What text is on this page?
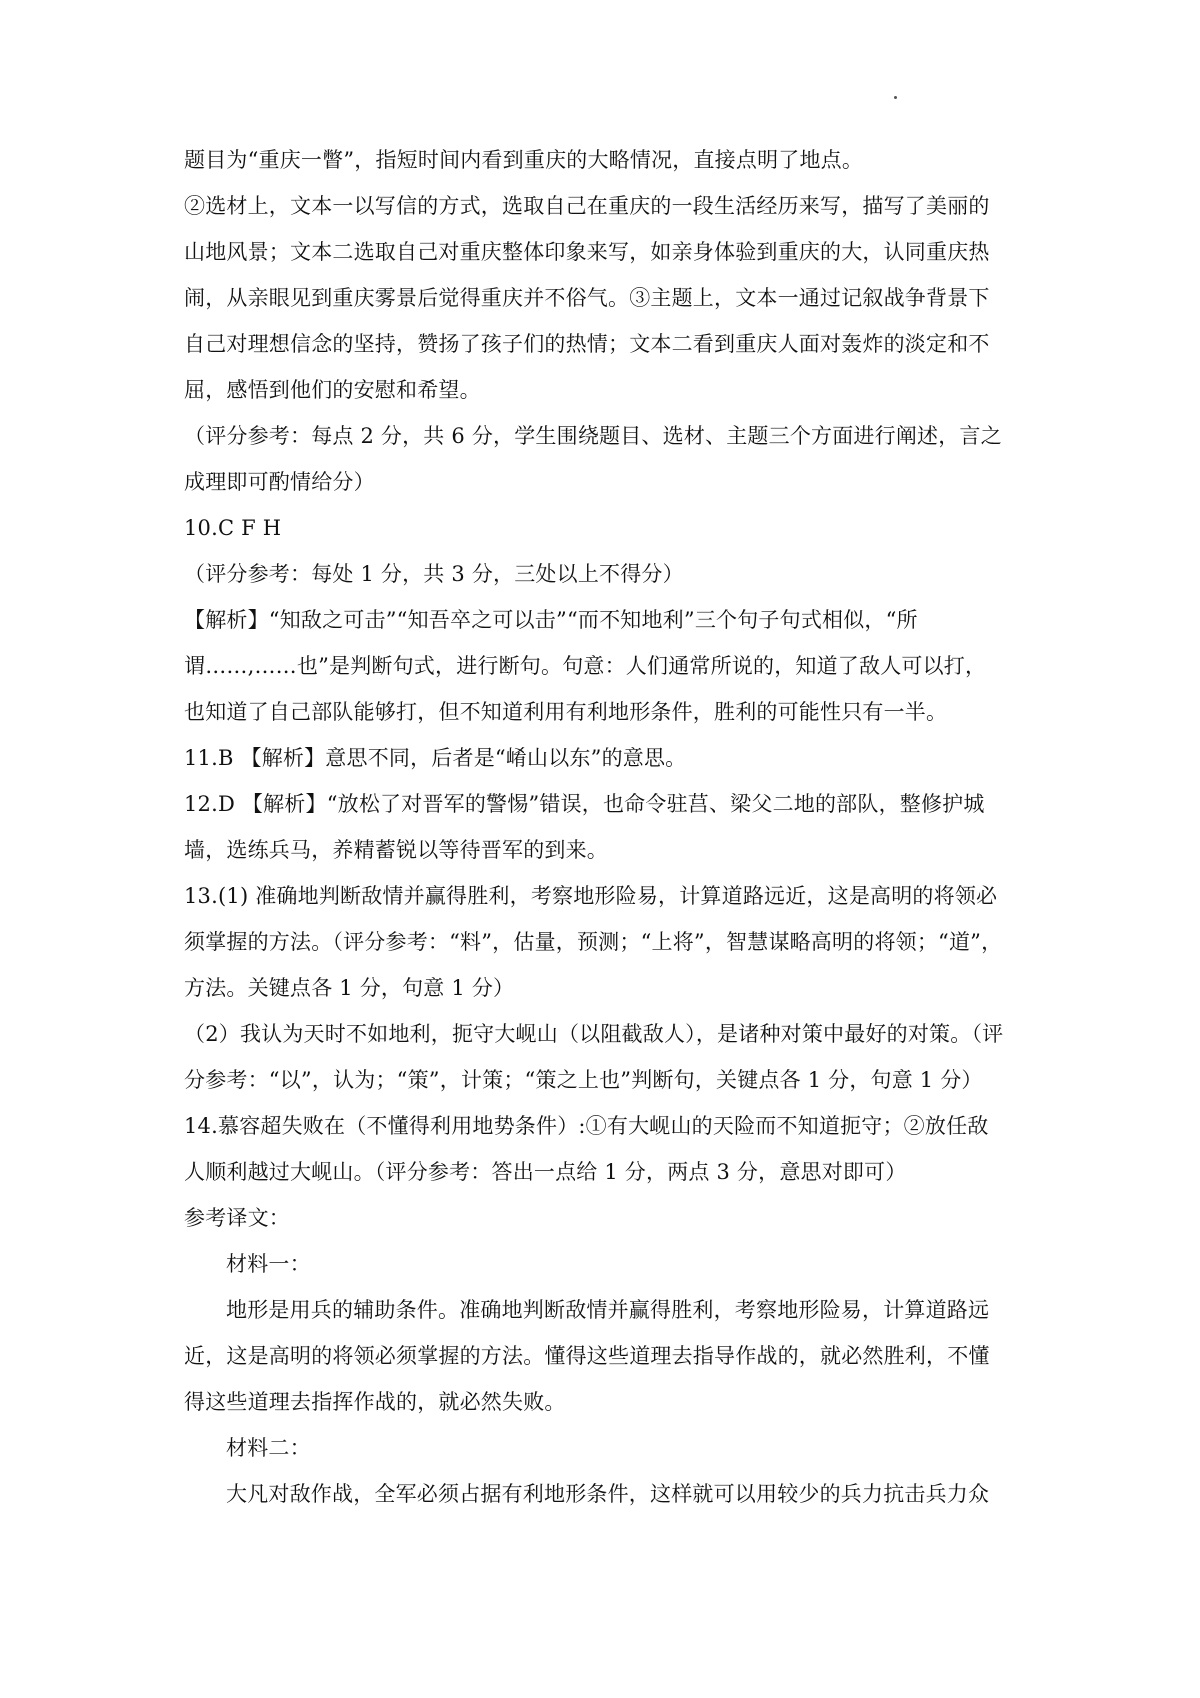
题目为“重庆一瞥”，指短时间内看到重庆的大略情况，直接点明了地点。
②选材上，文本一以写信的方式，选取自己在重庆的一段生活经历来写，描写了美丽的
山地风景；文本二选取自己对重庆整体印象来写，如亲身体验到重庆的大，认同重庆热
闹，从亲眼见到重庆雾景后觉得重庆并不俗气。③主题上，文本一通过记叙战争背景下
自己对理想信念的坚持，赞扬了孩子们的热情；文本二看到重庆人面对轰炸的淡定和不
屈，感悟到他们的安慰和希望。
（评分参考：每点 2 分，共 6 分，学生围绕题目、选材、主题三个方面进行阐述，言之
成理即可酌情给分）
10.C F H
（评分参考：每处 1 分，共 3 分，三处以上不得分）
【解析】“知敌之可击”“知吾卒之可以击”“而不知地利”三个句子句式相似，“所
谓……,……也”是判断句式，进行断句。句意：人们通常所说的，知道了敌人可以打，
也知道了自己部队能够打，但不知道利用有利地形条件，胜利的可能性只有一半。
11.B 【解析】意思不同，后者是“崤山以东”的意思。
12.D 【解析】“放松了对晋军的警惕”错误，也命令驻莒、梁父二地的部队，整修护城
墙，选练兵马，养精蓄锐以等待晋军的到来。
13.(1) 准确地判断敌情并赢得胜利，考察地形险易，计算道路远近，这是高明的将领必
须掌握的方法。（评分参考：“料”，估量，预测；“上将”，智慧谋略高明的将领；“道”，
方法。关键点各 1 分，句意 1 分）
（2）我认为天时不如地利，扼守大岘山（以阻截敌人），是诸种对策中最好的对策。（评
分参考：“以”，认为；“策”，计策；“策之上也”判断句，关键点各 1 分，句意 1 分）
14.慕容超失败在（不懂得利用地势条件）:①有大岘山的天险而不知道扼守；②放任敌
人顺利越过大岘山。（评分参考：答出一点给 1 分，两点 3 分，意思对即可）
参考译文：
材料一：
地形是用兵的辅助条件。准确地判断敌情并赢得胜利，考察地形险易，计算道路远
近，这是高明的将领必须掌握的方法。懂得这些道理去指导作战的，就必然胜利，不懂
得这些道理去指挥作战的，就必然失败。
材料二：
大凡对敌作战，全军必须占据有利地形条件，这样就可以用较少的兵力抗击兵力众
